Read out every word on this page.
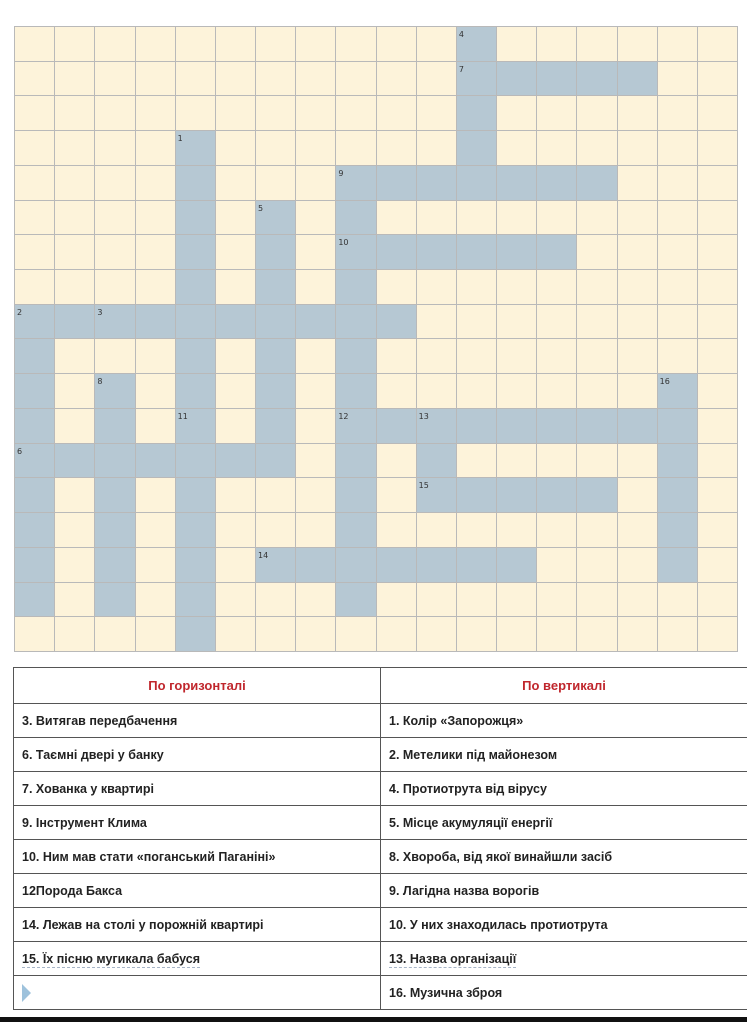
4
7
1
9
5
10
2	3
8	16
11	12	13
6
15
14
По горизонталі	По вертикалі
3. Витягав передбачення	1. Колір «Запорожця»
6. Таємні двері у банку	2. Метелики під майонезом
7. Хованка у квартирі	4. Протиотрута від вірусу
9. Інструмент Клима	5. Місце акумуляції енергії
10. Ним мав стати «поганський Паганіні»	8. Хвороба, від якої винайшли засіб
12Порода Бакса	9. Лагідна назва ворогів
14. Лежав на столі у порожній квартирі	10. У них знаходилась протиотрута
15. Їх пісню мугикала бабуся	13. Назва організації
	16. Музична зброя
